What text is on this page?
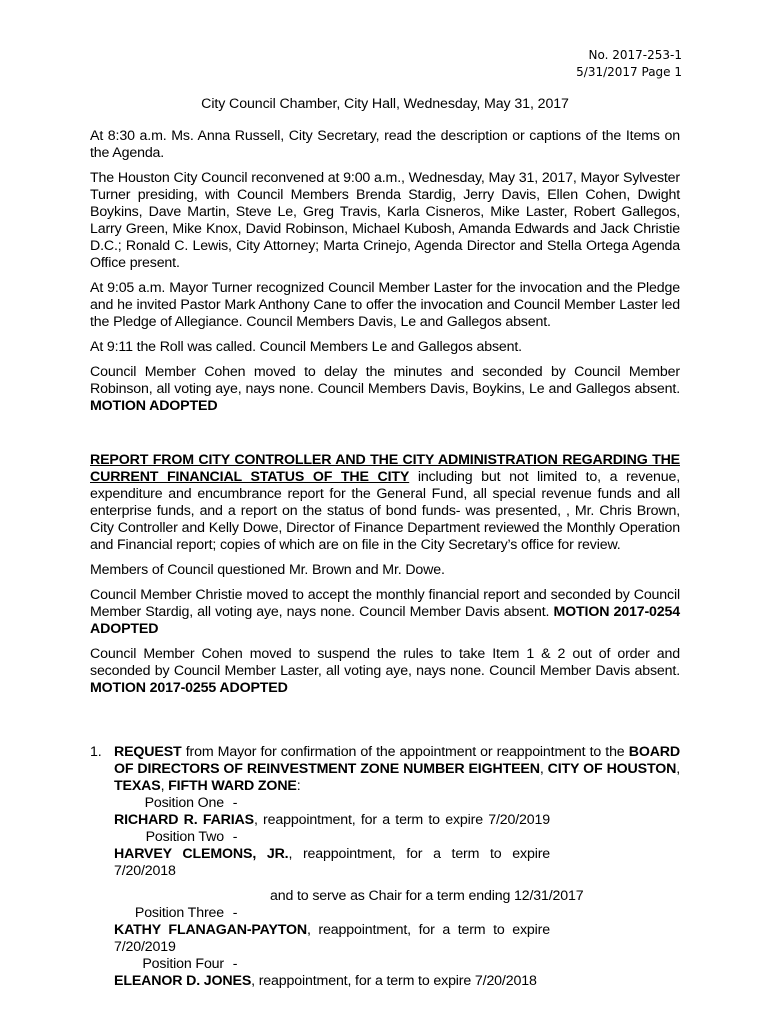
No. 2017-253-1
5/31/2017 Page 1
City Council Chamber, City Hall, Wednesday, May 31, 2017

At 8:30 a.m. Ms. Anna Russell, City Secretary, read the description or captions of the Items on the Agenda.

The Houston City Council reconvened at 9:00 a.m., Wednesday, May 31, 2017, Mayor Sylvester Turner presiding, with Council Members Brenda Stardig, Jerry Davis, Ellen Cohen, Dwight Boykins, Dave Martin, Steve Le, Greg Travis, Karla Cisneros, Mike Laster, Robert Gallegos, Larry Green, Mike Knox, David Robinson, Michael Kubosh, Amanda Edwards and Jack Christie D.C.; Ronald C. Lewis, City Attorney; Marta Crinejo, Agenda Director and Stella Ortega Agenda Office present.

At 9:05 a.m. Mayor Turner recognized Council Member Laster for the invocation and the Pledge and he invited Pastor Mark Anthony Cane to offer the invocation and Council Member Laster led the Pledge of Allegiance. Council Members Davis, Le and Gallegos absent.

At 9:11 the Roll was called. Council Members Le and Gallegos absent.

Council Member Cohen moved to delay the minutes and seconded by Council Member Robinson, all voting aye, nays none. Council Members Davis, Boykins, Le and Gallegos absent. MOTION ADOPTED

REPORT FROM CITY CONTROLLER AND THE CITY ADMINISTRATION REGARDING THE CURRENT FINANCIAL STATUS OF THE CITY including but not limited to, a revenue, expenditure and encumbrance report for the General Fund, all special revenue funds and all enterprise funds, and a report on the status of bond funds- was presented, , Mr. Chris Brown, City Controller and Kelly Dowe, Director of Finance Department reviewed the Monthly Operation and Financial report; copies of which are on file in the City Secretary’s office for review.

Members of Council questioned Mr. Brown and Mr. Dowe.

Council Member Christie moved to accept the monthly financial report and seconded by Council Member Stardig, all voting aye, nays none. Council Member Davis absent. MOTION 2017-0254 ADOPTED

Council Member Cohen moved to suspend the rules to take Item 1 & 2 out of order and seconded by Council Member Laster, all voting aye, nays none. Council Member Davis absent. MOTION 2017-0255 ADOPTED

1. REQUEST from Mayor for confirmation of the appointment or reappointment to the BOARD OF DIRECTORS OF REINVESTMENT ZONE NUMBER EIGHTEEN, CITY OF HOUSTON, TEXAS, FIFTH WARD ZONE:
Position One -RICHARD R. FARIAS, reappointment, for a term to expire 7/20/2019
Position Two -HARVEY CLEMONS, JR., reappointment, for a term to expire
7/20/2018
and to serve as Chair for a term ending 12/31/2017
Position Three -KATHY FLANAGAN-PAYTON, reappointment, for a term to expire
7/20/2019
Position Four -ELEANOR D. JONES, reappointment, for a term to expire 7/20/2018
